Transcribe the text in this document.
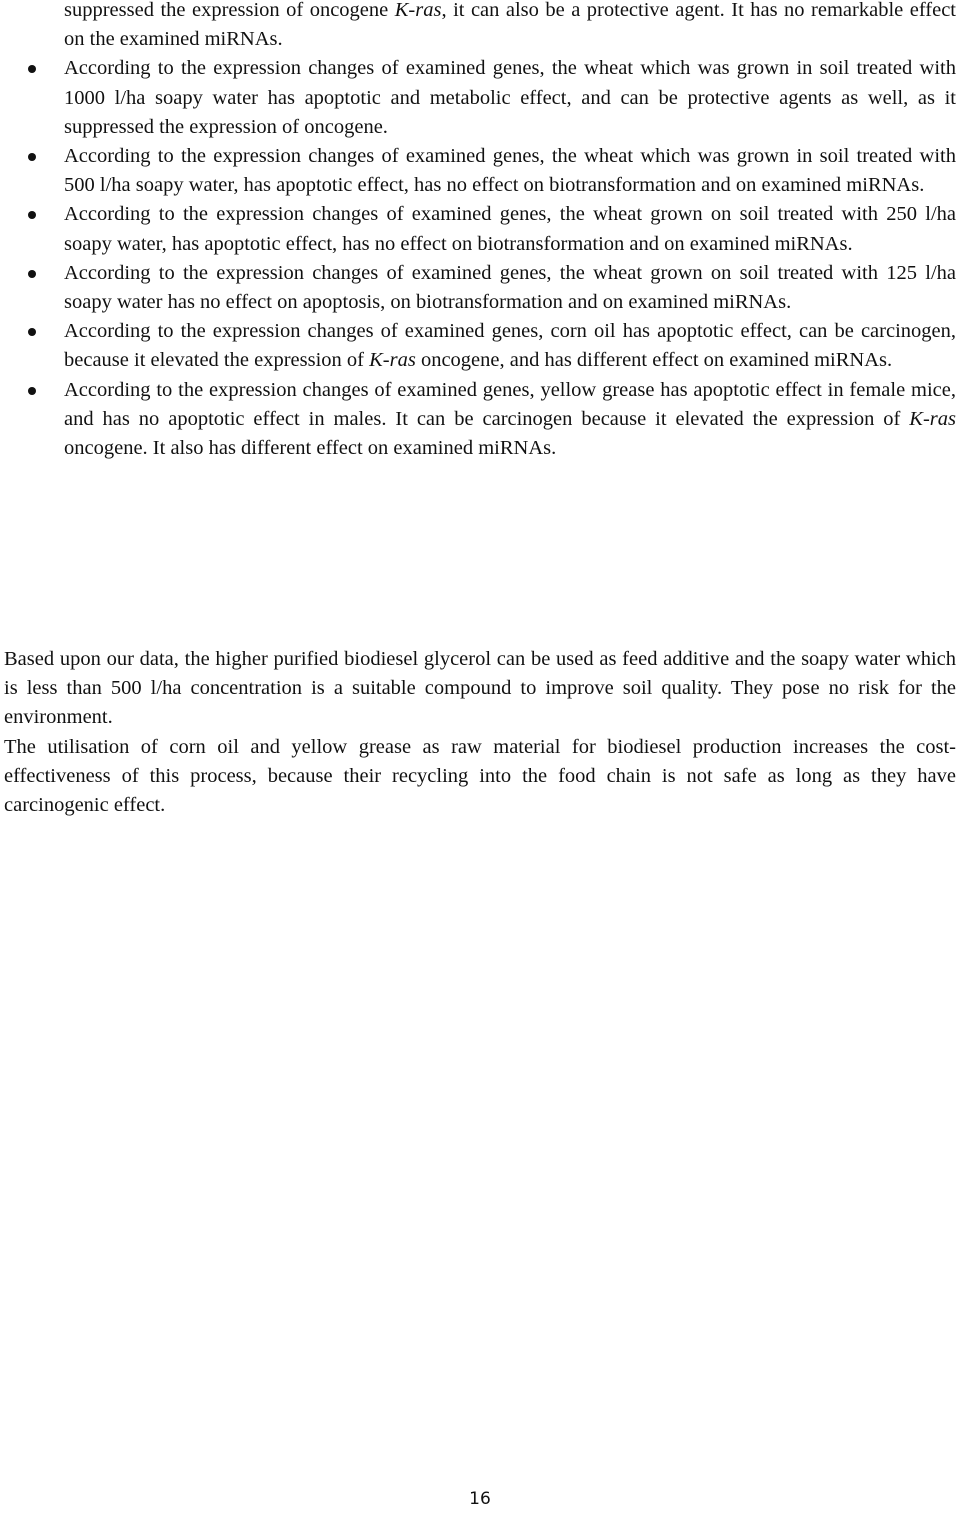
suppressed the expression of oncogene K-ras, it can also be a protective agent. It has no remarkable effect on the examined miRNAs.
According to the expression changes of examined genes, the wheat which was grown in soil treated with 1000 l/ha soapy water has apoptotic and metabolic effect, and can be protective agents as well, as it suppressed the expression of oncogene.
According to the expression changes of examined genes, the wheat which was grown in soil treated with 500 l/ha soapy water, has apoptotic effect, has no effect on biotransformation and on examined miRNAs.
According to the expression changes of examined genes, the wheat grown on soil treated with 250 l/ha soapy water, has apoptotic effect, has no effect on biotransformation and on examined miRNAs.
According to the expression changes of examined genes, the wheat grown on soil treated with 125 l/ha soapy water has no effect on apoptosis, on biotransformation and on examined miRNAs.
According to the expression changes of examined genes, corn oil has apoptotic effect, can be carcinogen, because it elevated the expression of K-ras oncogene, and has different effect on examined miRNAs.
According to the expression changes of examined genes, yellow grease has apoptotic effect in female mice, and has no apoptotic effect in males. It can be carcinogen because it elevated the expression of K-ras oncogene. It also has different effect on examined miRNAs.

Based upon our data, the higher purified biodiesel glycerol can be used as feed additive and the soapy water which is less than 500 l/ha concentration is a suitable compound to improve soil quality. They pose no risk for the environment.

The utilisation of corn oil and yellow grease as raw material for biodiesel production increases the cost-effectiveness of this process, because their recycling into the food chain is not safe as long as they have carcinogenic effect.

16
